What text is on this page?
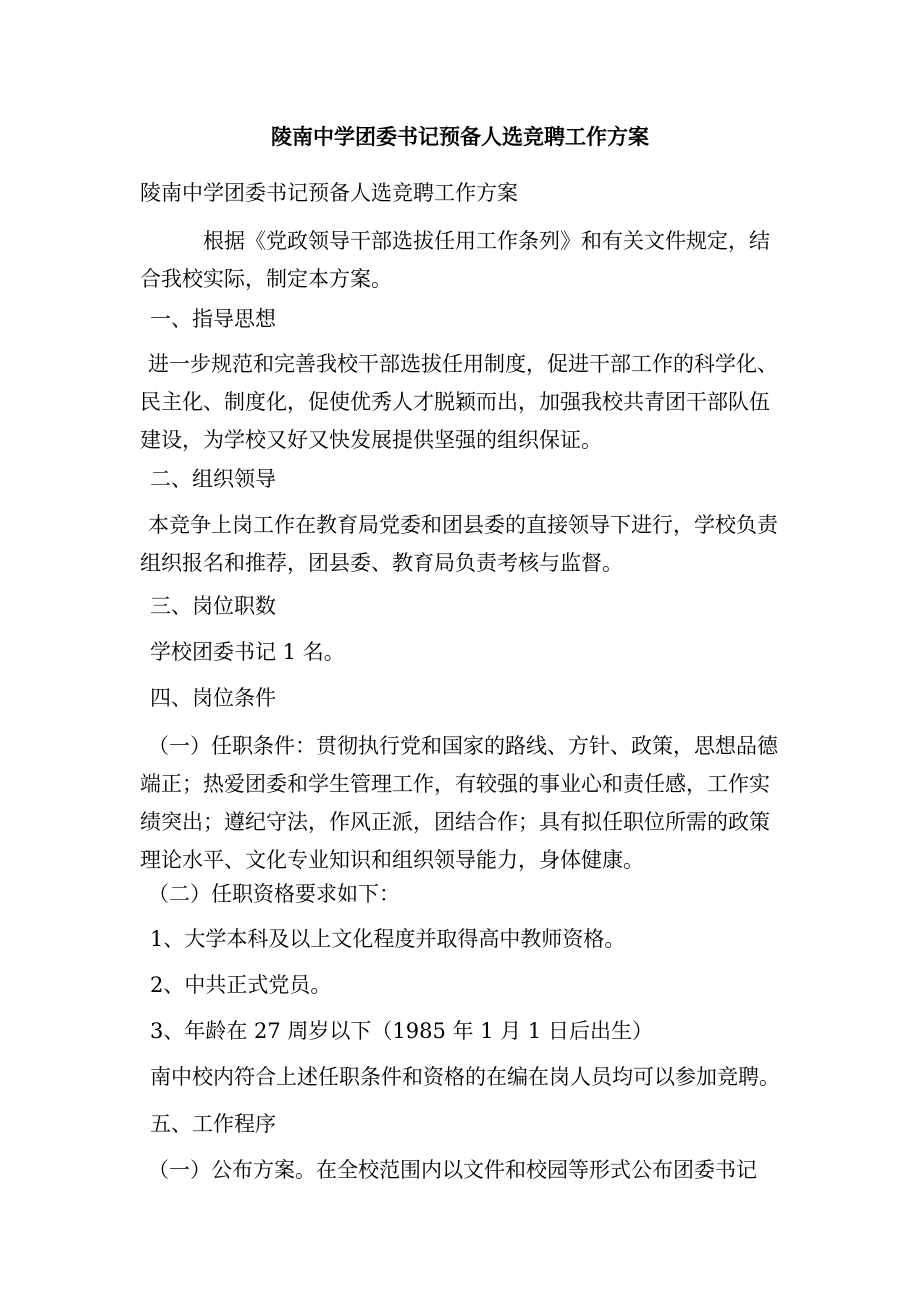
陵南中学团委书记预备人选竞聘工作方案
陵南中学团委书记预备人选竞聘工作方案
根据《党政领导干部选拔任用工作条列》和有关文件规定，结合我校实际，制定本方案。
一、指导思想
进一步规范和完善我校干部选拔任用制度，促进干部工作的科学化、民主化、制度化，促使优秀人才脱颖而出，加强我校共青团干部队伍建设，为学校又好又快发展提供坚强的组织保证。
二、组织领导
本竞争上岗工作在教育局党委和团县委的直接领导下进行，学校负责组织报名和推荐，团县委、教育局负责考核与监督。
三、岗位职数
学校团委书记 1 名。
四、岗位条件
（一）任职条件：贯彻执行党和国家的路线、方针、政策，思想品德端正；热爱团委和学生管理工作，有较强的事业心和责任感，工作实绩突出；遵纪守法，作风正派，团结合作；具有拟任职位所需的政策理论水平、文化专业知识和组织领导能力，身体健康。
（二）任职资格要求如下：
1、大学本科及以上文化程度并取得高中教师资格。
2、中共正式党员。
3、年龄在 27 周岁以下（1985 年 1 月 1 日后出生）
南中校内符合上述任职条件和资格的在编在岗人员均可以参加竞聘。
五、工作程序
（一）公布方案。在全校范围内以文件和校园等形式公布团委书记
